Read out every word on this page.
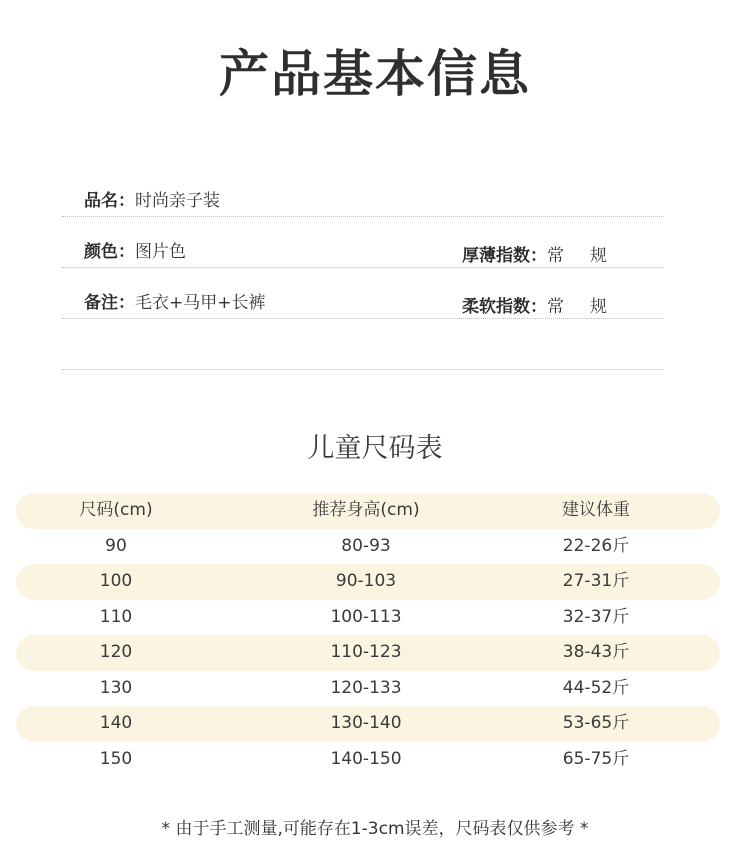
产品基本信息
品名：时尚亲子装
颜色：图片色	厚薄指数：常规
备注：毛衣+马甲+长裤	柔软指数：常规
儿童尺码表
尺码(cm)	推荐身高(cm)	建议体重
90	80-93	22-26斤
100	90-103	27-31斤
110	100-113	32-37斤
120	110-123	38-43斤
130	120-133	44-52斤
140	130-140	53-65斤
150	140-150	65-75斤
* 由于手工测量,可能存在1-3cm误差，尺码表仅供参考 *
